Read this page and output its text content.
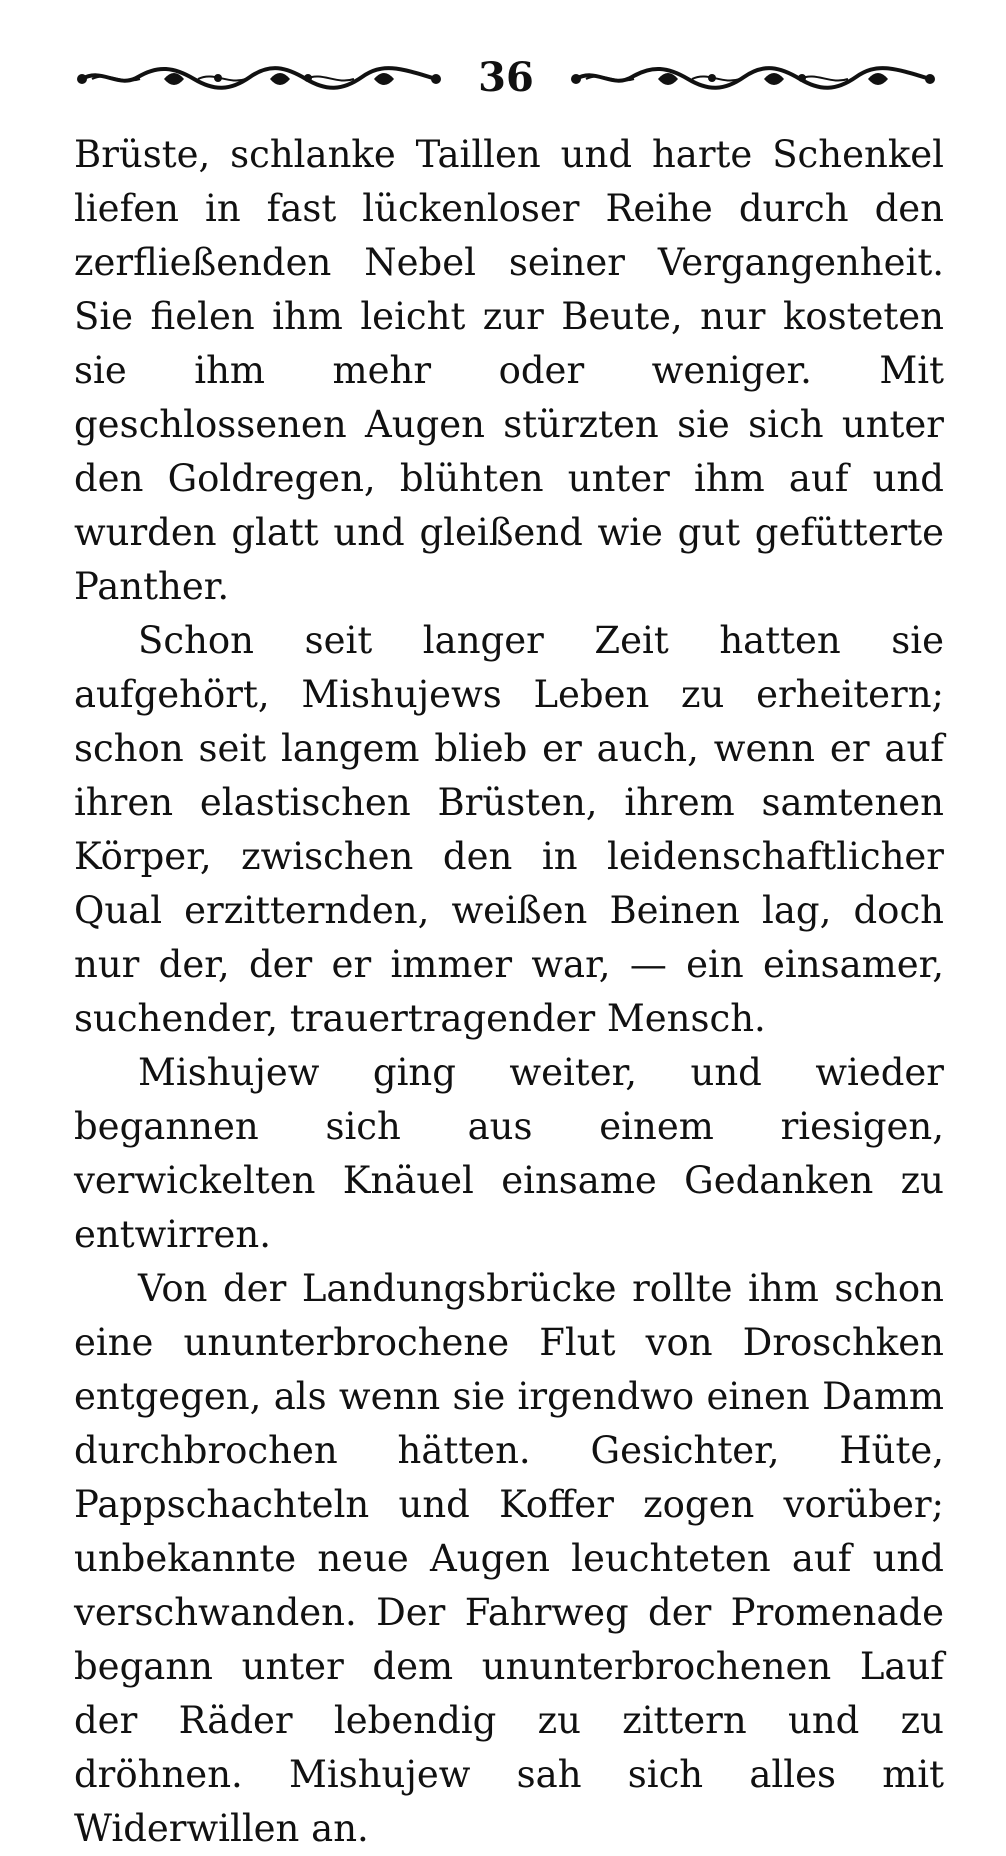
36

Brüste, schlanke Taillen und harte Schenkel liefen in fast lückenloser Reihe durch den zerfließenden Nebel seiner Vergangenheit. Sie fielen ihm leicht zur Beute, nur kosteten sie ihm mehr oder weniger. Mit geschlossenen Augen stürzten sie sich unter den Goldregen, blühten unter ihm auf und wurden glatt und gleißend wie gut gefütterte Panther.

Schon seit langer Zeit hatten sie aufgehört, Mishujews Leben zu erheitern; schon seit langem blieb er auch, wenn er auf ihren elastischen Brüsten, ihrem samtenen Körper, zwischen den in leidenschaftlicher Qual erzitternden, weißen Beinen lag, doch nur der, der er immer war, — ein einsamer, suchender, trauertragender Mensch.

Mishujew ging weiter, und wieder begannen sich aus einem riesigen, verwickelten Knäuel einsame Gedanken zu entwirren.

Von der Landungsbrücke rollte ihm schon eine ununterbrochene Flut von Droschken entgegen, als wenn sie irgendwo einen Damm durchbrochen hätten. Gesichter, Hüte, Pappschachteln und Koffer zogen vorüber; unbekannte neue Augen leuchteten auf und verschwanden. Der Fahrweg der Promenade begann unter dem ununterbrochenen Lauf der Räder lebendig zu zittern und zu dröhnen. Mishujew sah sich alles mit Widerwillen an.
